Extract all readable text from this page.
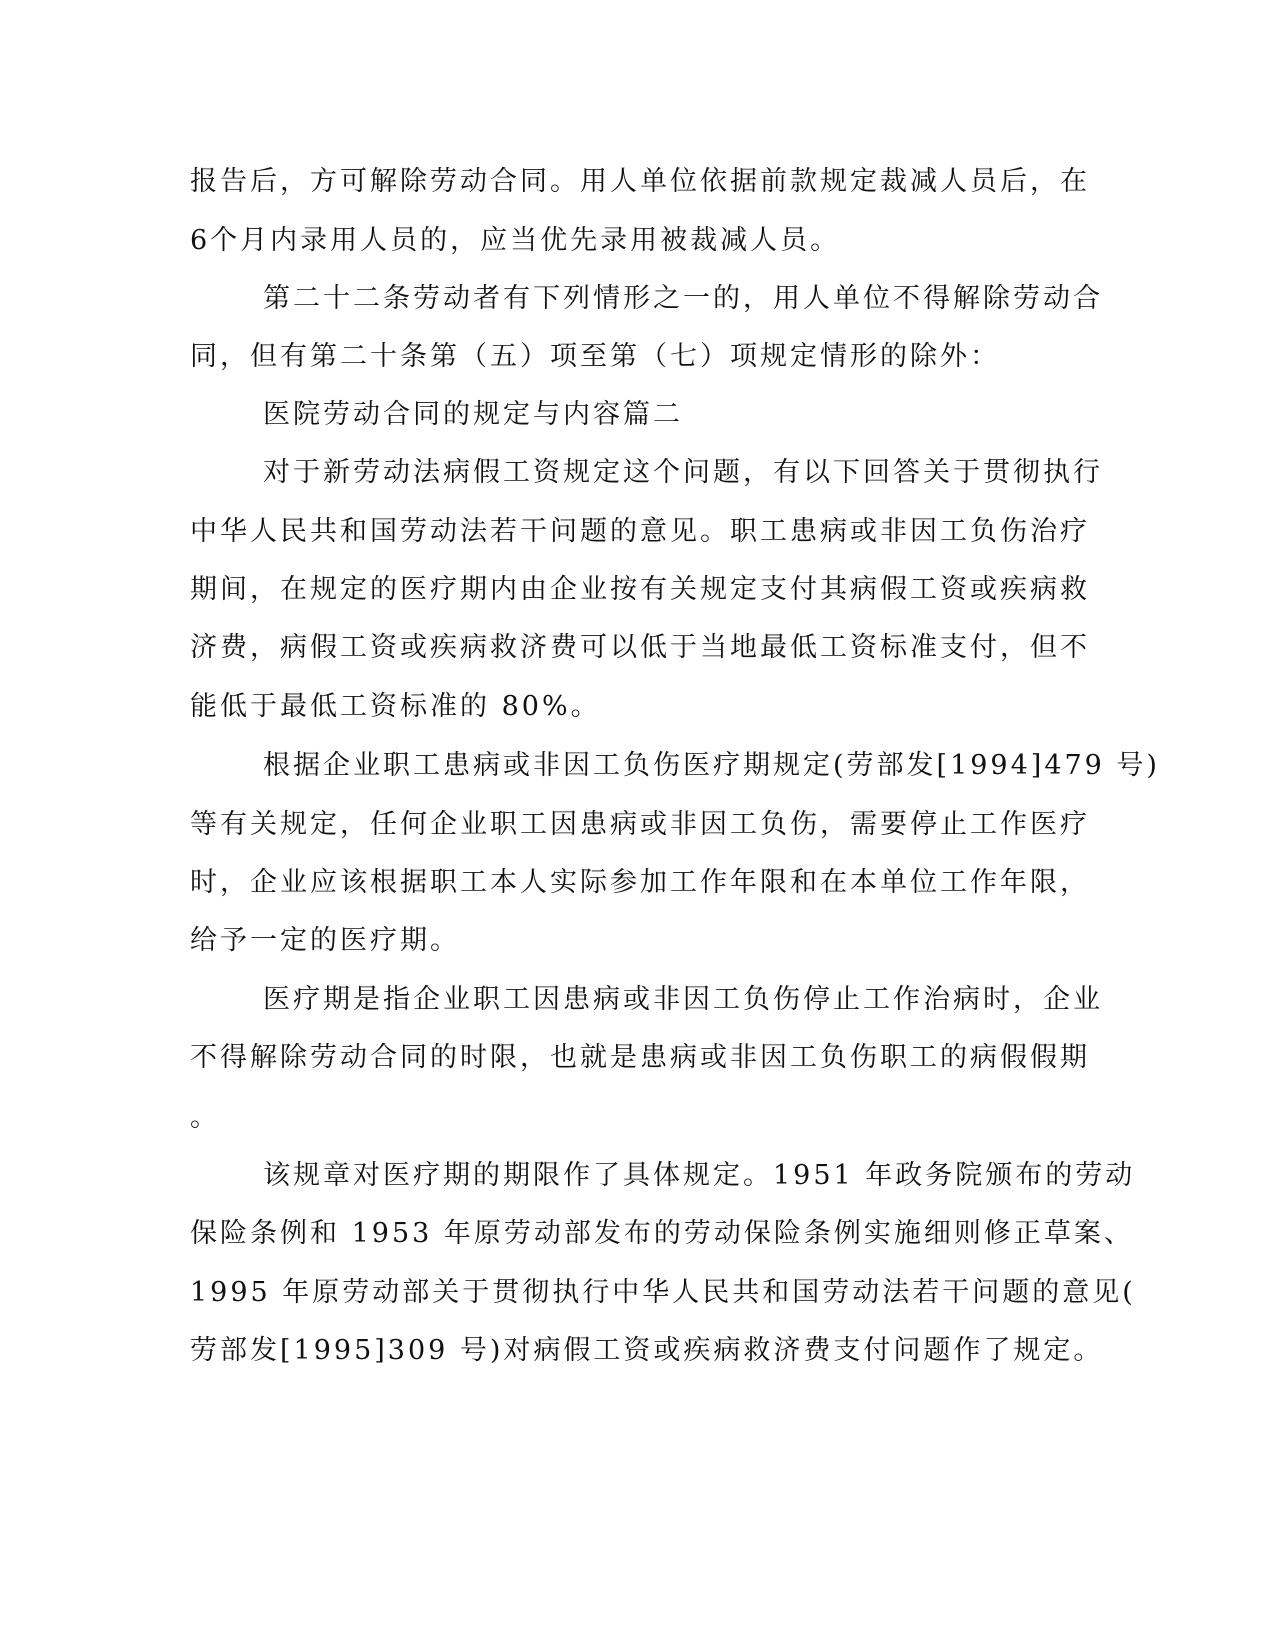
报告后，方可解除劳动合同。用人单位依据前款规定裁减人员后，在
6个月内录用人员的，应当优先录用被裁减人员。
第二十二条劳动者有下列情形之一的，用人单位不得解除劳动合
同，但有第二十条第（五）项至第（七）项规定情形的除外：
医院劳动合同的规定与内容篇二
对于新劳动法病假工资规定这个问题，有以下回答关于贯彻执行
中华人民共和国劳动法若干问题的意见。职工患病或非因工负伤治疗
期间，在规定的医疗期内由企业按有关规定支付其病假工资或疾病救
济费，病假工资或疾病救济费可以低于当地最低工资标准支付，但不
能低于最低工资标准的 80%。
根据企业职工患病或非因工负伤医疗期规定(劳部发[1994]479 号)
等有关规定，任何企业职工因患病或非因工负伤，需要停止工作医疗
时，企业应该根据职工本人实际参加工作年限和在本单位工作年限，
给予一定的医疗期。
医疗期是指企业职工因患病或非因工负伤停止工作治病时，企业
不得解除劳动合同的时限，也就是患病或非因工负伤职工的病假假期
。
该规章对医疗期的期限作了具体规定。1951 年政务院颁布的劳动
保险条例和 1953 年原劳动部发布的劳动保险条例实施细则修正草案、
1995 年原劳动部关于贯彻执行中华人民共和国劳动法若干问题的意见(
劳部发[1995]309 号)对病假工资或疾病救济费支付问题作了规定。
